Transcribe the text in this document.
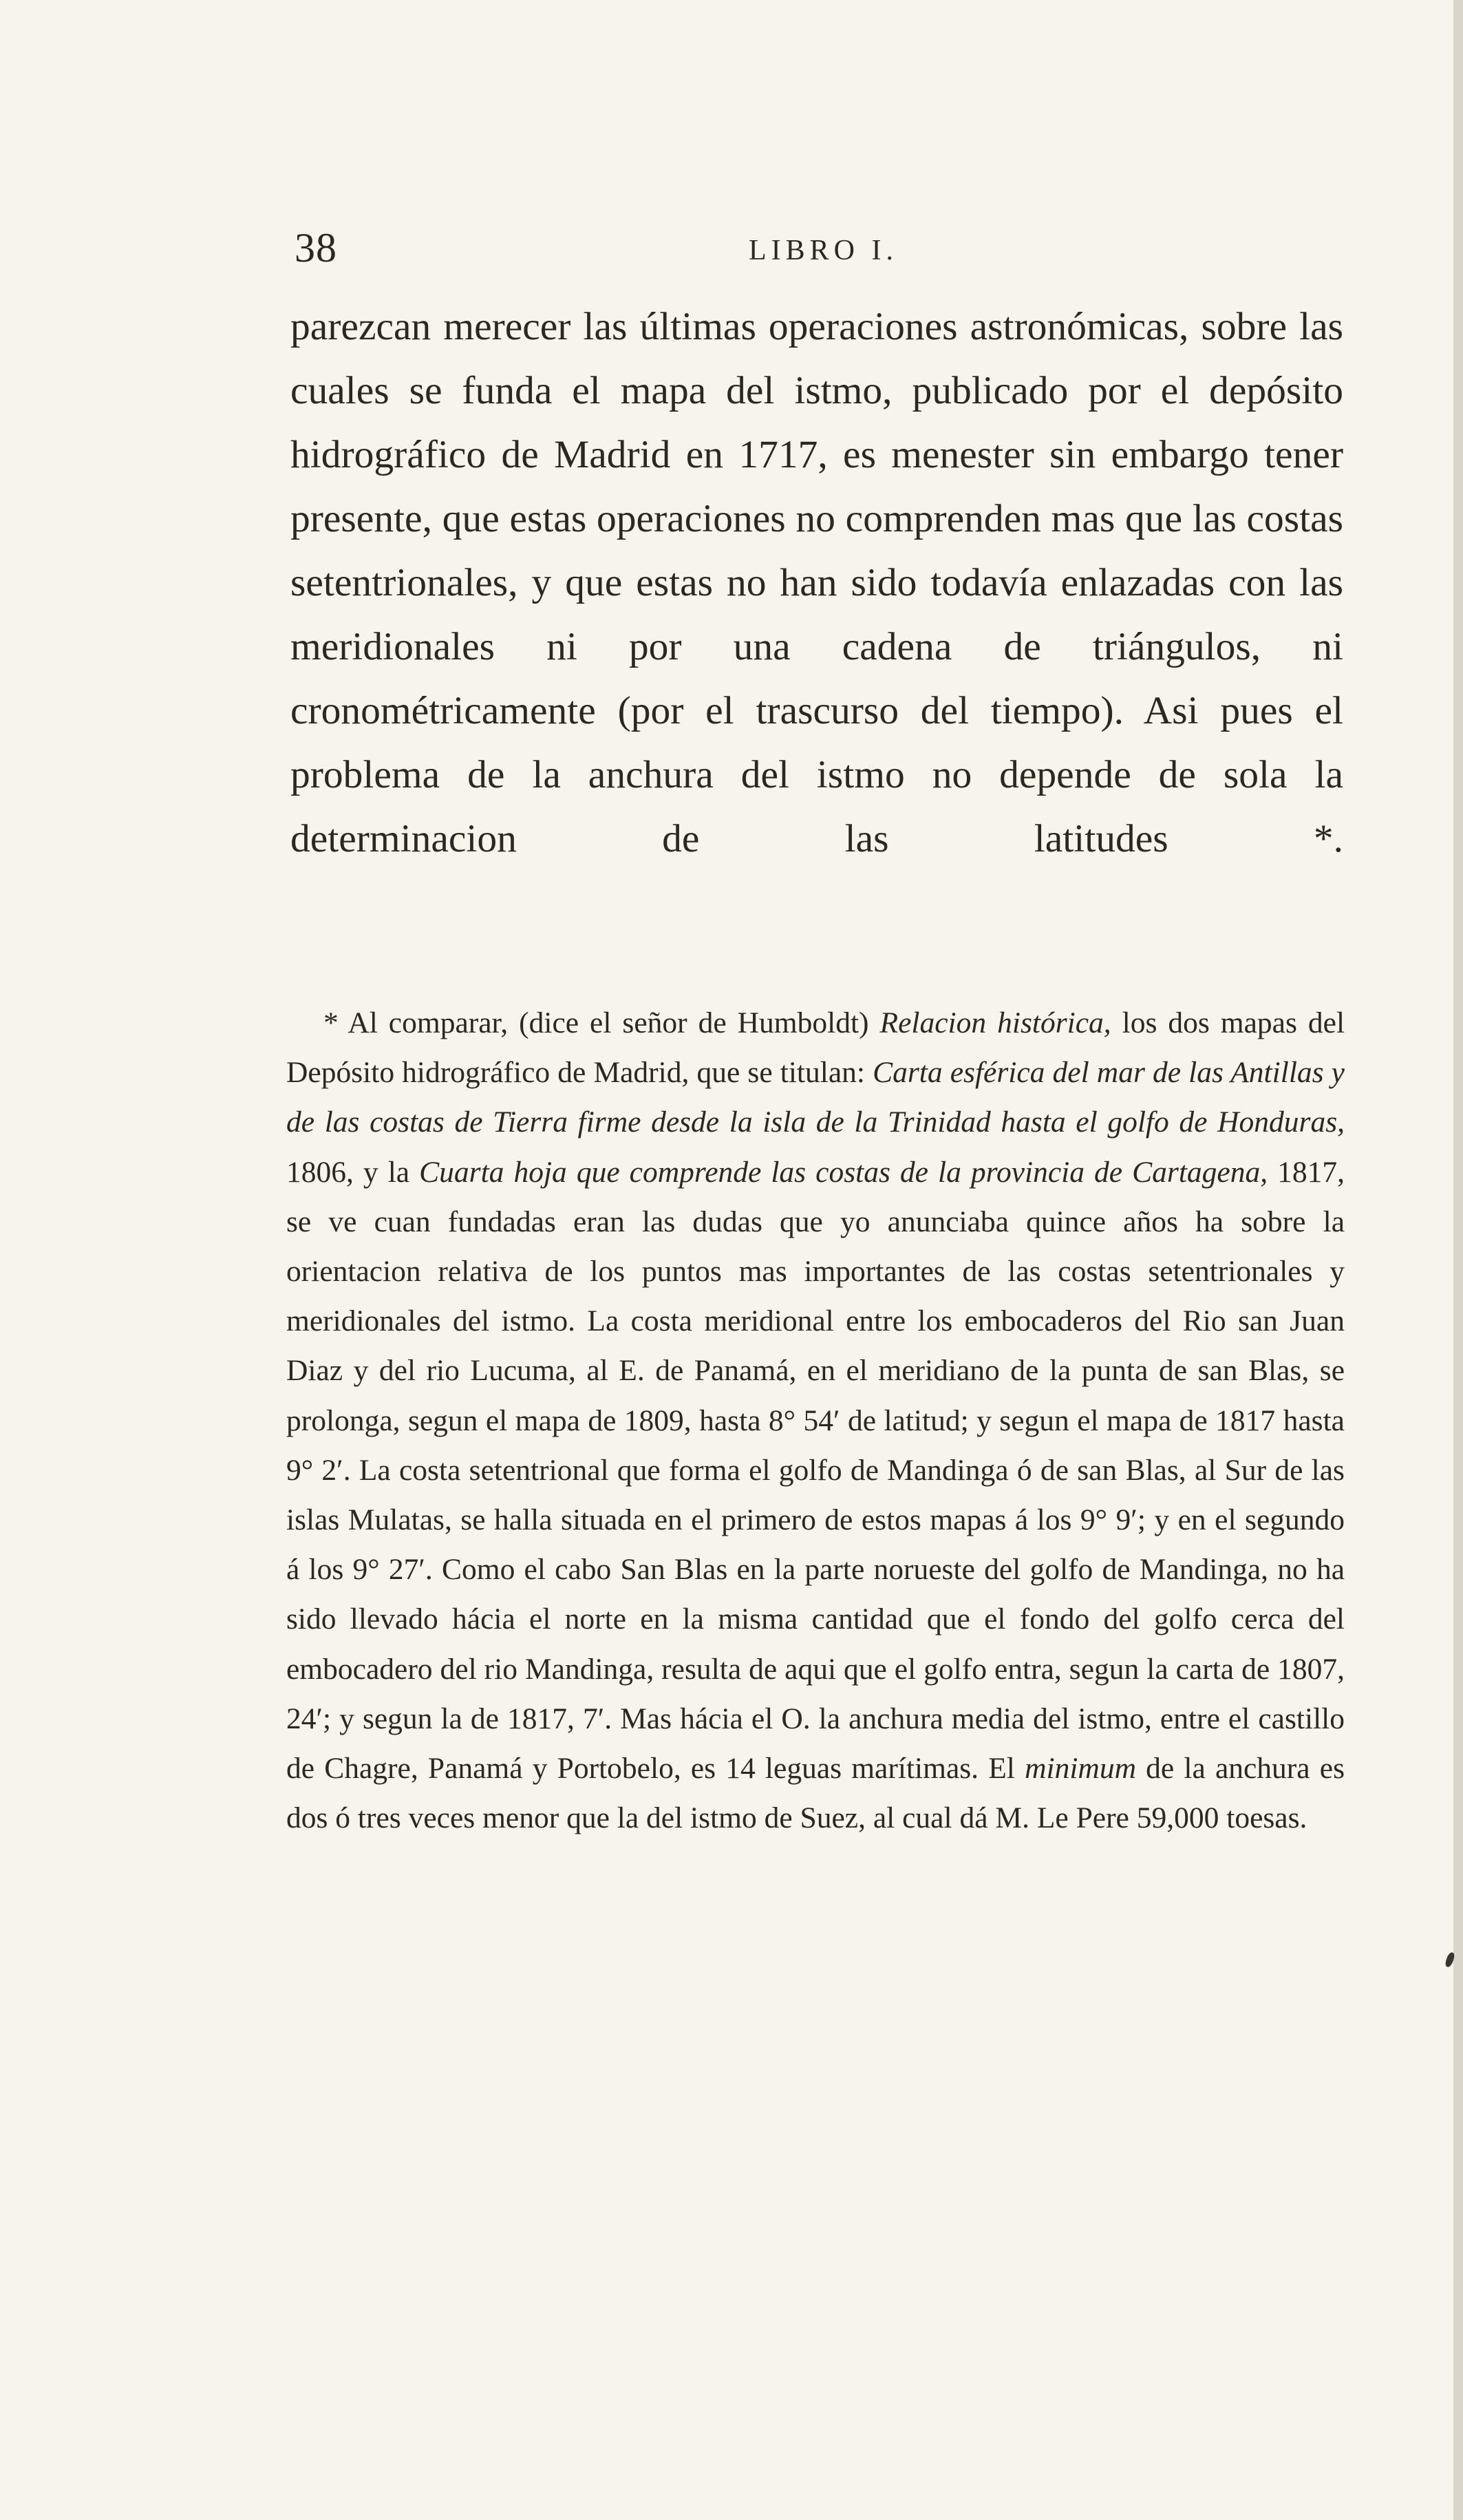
38	LIBRO I.

parezcan merecer las últimas operaciones astronómicas, sobre las cuales se funda el mapa del istmo, publicado por el depósito hidrográfico de Madrid en 1717, es menester sin embargo tener presente, que estas operaciones no comprenden mas que las costas setentrionales, y que estas no han sido todavía enlazadas con las meridionales ni por una cadena de triángulos, ni cronométricamente (por el trascurso del tiempo). Asi pues el problema de la anchura del istmo no depende de sola la determinacion de las latitudes *.

* Al comparar, (dice el señor de Humboldt) Relacion histórica, los dos mapas del Depósito hidrográfico de Madrid, que se titulan: Carta esférica del mar de las Antillas y de las costas de Tierra firme desde la isla de la Trinidad hasta el golfo de Honduras, 1806, y la Cuarta hoja que comprende las costas de la provincia de Cartagena, 1817, se ve cuan fundadas eran las dudas que yo anunciaba quince años ha sobre la orientacion relativa de los puntos mas importantes de las costas setentrionales y meridionales del istmo. La costa meridional entre los embocaderos del Rio san Juan Diaz y del rio Lucuma, al E. de Panamá, en el meridiano de la punta de san Blas, se prolonga, segun el mapa de 1809, hasta 8° 54′ de latitud; y segun el mapa de 1817 hasta 9° 2′. La costa setentrional que forma el golfo de Mandinga ó de san Blas, al Sur de las islas Mulatas, se halla situada en el primero de estos mapas á los 9° 9′; y en el segundo á los 9° 27′. Como el cabo San Blas en la parte norueste del golfo de Mandinga, no ha sido llevado hácia el norte en la misma cantidad que el fondo del golfo cerca del embocadero del rio Mandinga, resulta de aqui que el golfo entra, segun la carta de 1807, 24′; y segun la de 1817, 7′. Mas hácia el O. la anchura media del istmo, entre el castillo de Chagre, Panamá y Portobelo, es 14 leguas marítimas. El minimum de la anchura es dos ó tres veces menor que la del istmo de Suez, al cual dá M. Le Pere 59,000 toesas.
